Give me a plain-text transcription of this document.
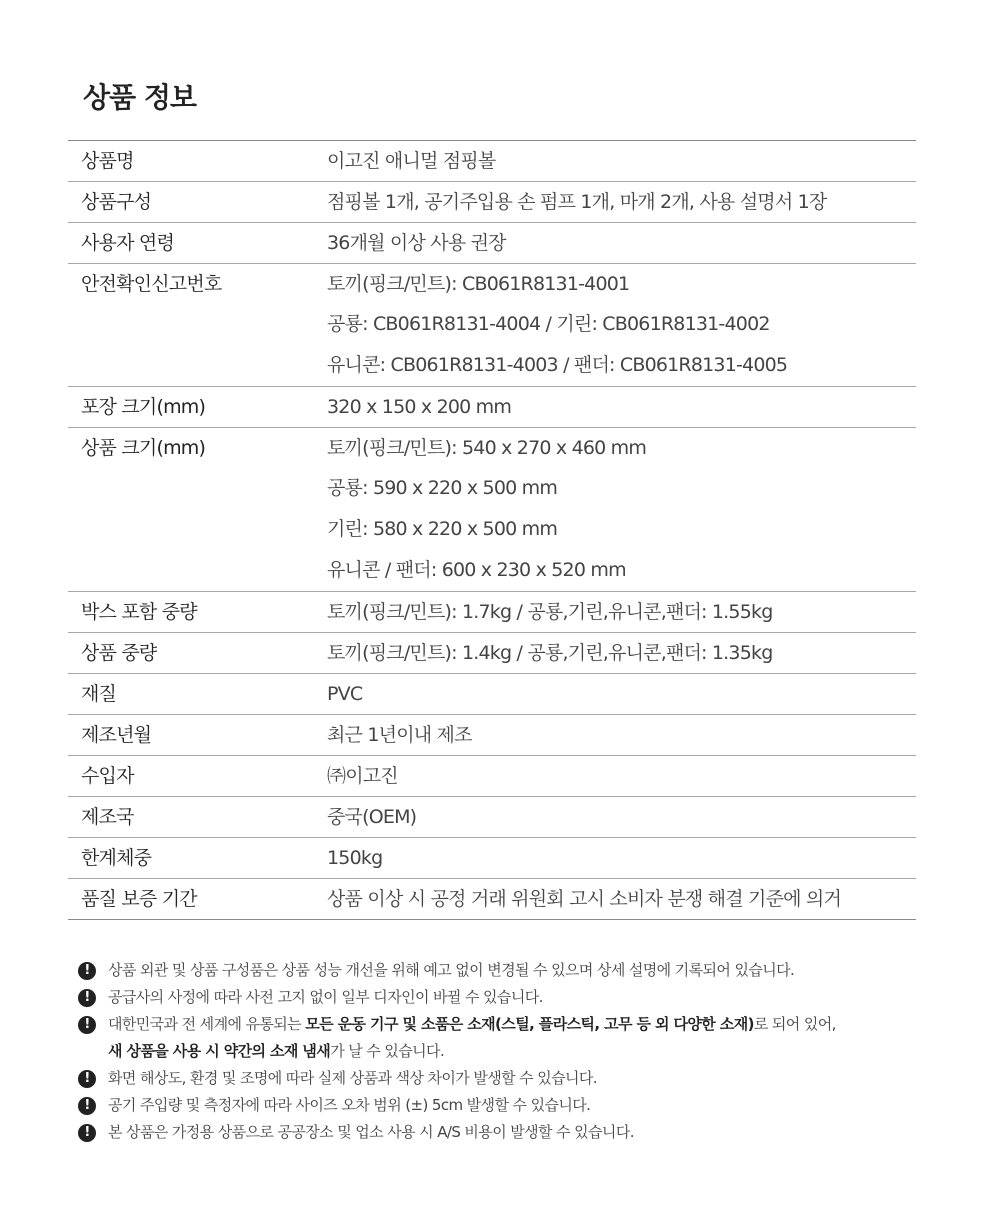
상품 정보
상품명	이고진 애니멀 점핑볼

상품구성	점핑볼 1개, 공기주입용 손 펌프 1개, 마개 2개, 사용 설명서 1장

사용자 연령	36개월 이상 사용 권장

안전확인신고번호	토끼(핑크/민트): CB061R8131-4001
공룡: CB061R8131-4004 / 기린: CB061R8131-4002
유니콘: CB061R8131-4003 / 팬더: CB061R8131-4005

포장 크기(mm)	320 x 150 x 200 mm

상품 크기(mm)	토끼(핑크/민트): 540 x 270 x 460 mm
공룡: 590 x 220 x 500 mm
기린: 580 x 220 x 500 mm
유니콘 / 팬더: 600 x 230 x 520 mm

박스 포함 중량	토끼(핑크/민트): 1.7kg / 공룡,기린,유니콘,팬더: 1.55kg

상품 중량	토끼(핑크/민트): 1.4kg / 공룡,기린,유니콘,팬더: 1.35kg

재질	PVC

제조년월	최근 1년이내 제조

수입자	㈜이고진

제조국	중국(OEM)

한계체중	150kg

품질 보증 기간	상품 이상 시 공정 거래 위원회 고시 소비자 분쟁 해결 기준에 의거
!	상품 외관 및 상품 구성품은 상품 성능 개선을 위해 예고 없이 변경될 수 있으며 상세 설명에 기록되어 있습니다.
!	공급사의 사정에 따라 사전 고지 없이 일부 디자인이 바뀔 수 있습니다.
!	대한민국과 전 세계에 유통되는 모든 운동 기구 및 소품은 소재(스틸, 플라스틱, 고무 등 외 다양한 소재)로 되어 있어,
새 상품을 사용 시 약간의 소재 냄새가 날 수 있습니다.
!	화면 해상도, 환경 및 조명에 따라 실제 상품과 색상 차이가 발생할 수 있습니다.
!	공기 주입량 및 측정자에 따라 사이즈 오차 범위 (±) 5cm 발생할 수 있습니다.
!	본 상품은 가정용 상품으로 공공장소 및 업소 사용 시 A/S 비용이 발생할 수 있습니다.
